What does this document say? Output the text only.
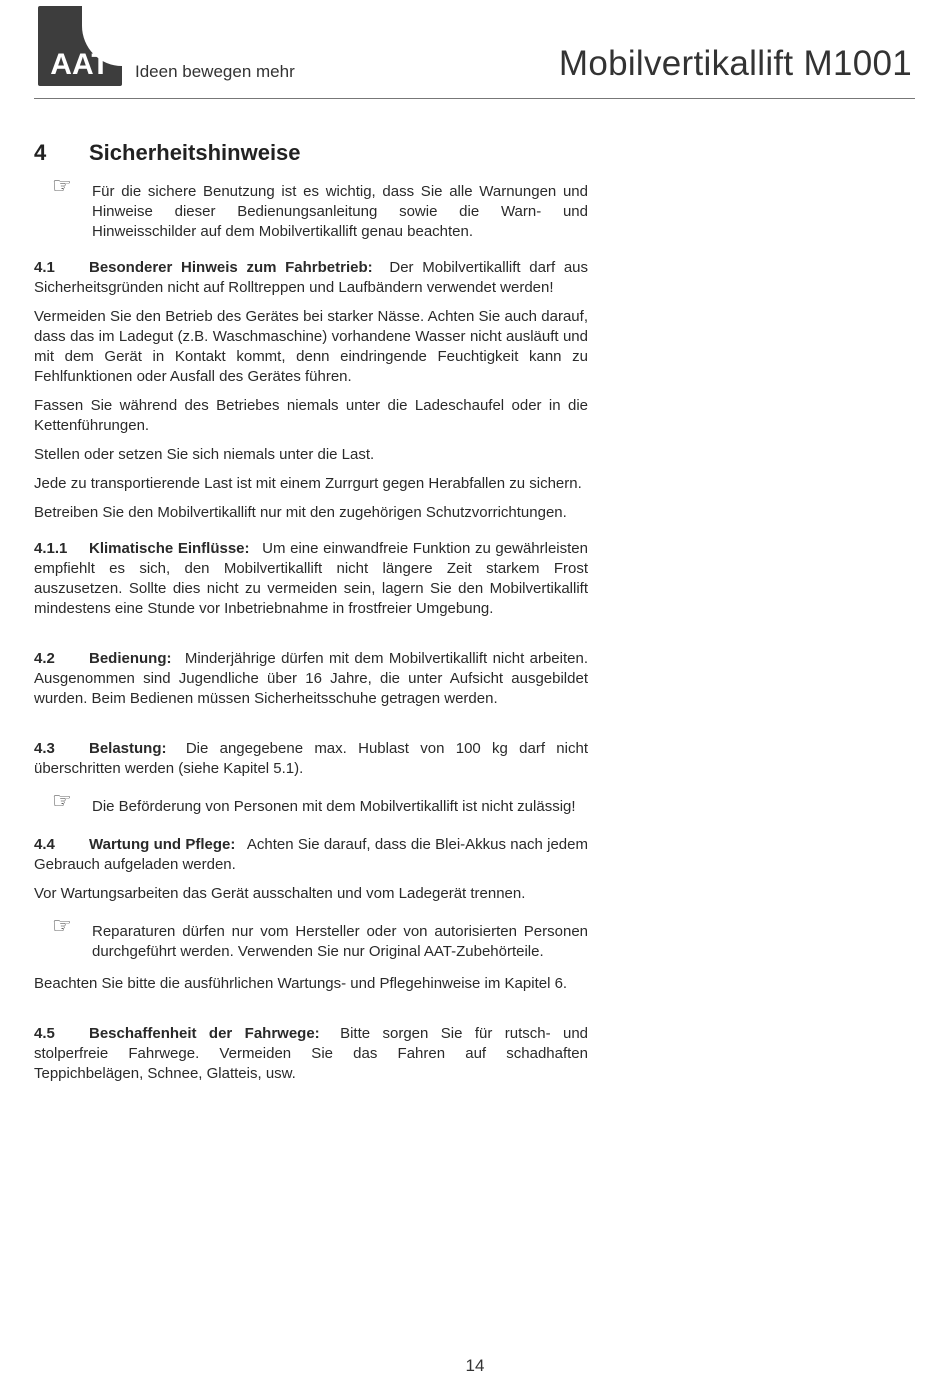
AAT	Ideen bewegen mehr	Mobilvertikallift M1001
4 Sicherheitshinweise
☞ Für die sichere Benutzung ist es wichtig, dass Sie alle Warnungen und Hinweise dieser Bedienungsanleitung sowie die Warn- und Hinweisschilder auf dem Mobilvertikallift genau beachten.

4.1 Besonderer Hinweis zum Fahrbetrieb: Der Mobilvertikallift darf aus Sicherheitsgründen nicht auf Rolltreppen und Laufbändern verwendet werden!

Vermeiden Sie den Betrieb des Gerätes bei starker Nässe. Achten Sie auch darauf, dass das im Ladegut (z.B. Waschmaschine) vorhandene Wasser nicht ausläuft und mit dem Gerät in Kontakt kommt, denn eindringende Feuchtigkeit kann zu Fehlfunktionen oder Ausfall des Gerätes führen.

Fassen Sie während des Betriebes niemals unter die Ladeschaufel oder in die Kettenführungen.

Stellen oder setzen Sie sich niemals unter die Last.

Jede zu transportierende Last ist mit einem Zurrgurt gegen Herabfallen zu sichern.

Betreiben Sie den Mobilvertikallift nur mit den zugehörigen Schutzvorrichtungen.

4.1.1 Klimatische Einflüsse: Um eine einwandfreie Funktion zu gewährleisten empfiehlt es sich, den Mobilvertikallift nicht längere Zeit starkem Frost auszusetzen. Sollte dies nicht zu vermeiden sein, lagern Sie den Mobilvertikallift mindestens eine Stunde vor Inbetriebnahme in frostfreier Umgebung.

4.2 Bedienung: Minderjährige dürfen mit dem Mobilvertikallift nicht arbeiten. Ausgenommen sind Jugendliche über 16 Jahre, die unter Aufsicht ausgebildet wurden. Beim Bedienen müssen Sicherheitsschuhe getragen werden.

4.3 Belastung: Die angegebene max. Hublast von 100 kg darf nicht überschritten werden (siehe Kapitel 5.1).

☞ Die Beförderung von Personen mit dem Mobilvertikallift ist nicht zulässig!

4.4 Wartung und Pflege: Achten Sie darauf, dass die Blei-Akkus nach jedem Gebrauch aufgeladen werden.

Vor Wartungsarbeiten das Gerät ausschalten und vom Ladegerät trennen.

☞ Reparaturen dürfen nur vom Hersteller oder von autorisierten Personen durchgeführt werden. Verwenden Sie nur Original AAT-Zubehörteile.

Beachten Sie bitte die ausführlichen Wartungs- und Pflegehinweise im Kapitel 6.

4.5 Beschaffenheit der Fahrwege: Bitte sorgen Sie für rutsch- und stolperfreie Fahrwege. Vermeiden Sie das Fahren auf schadhaften Teppichbelägen, Schnee, Glatteis, usw.

14
